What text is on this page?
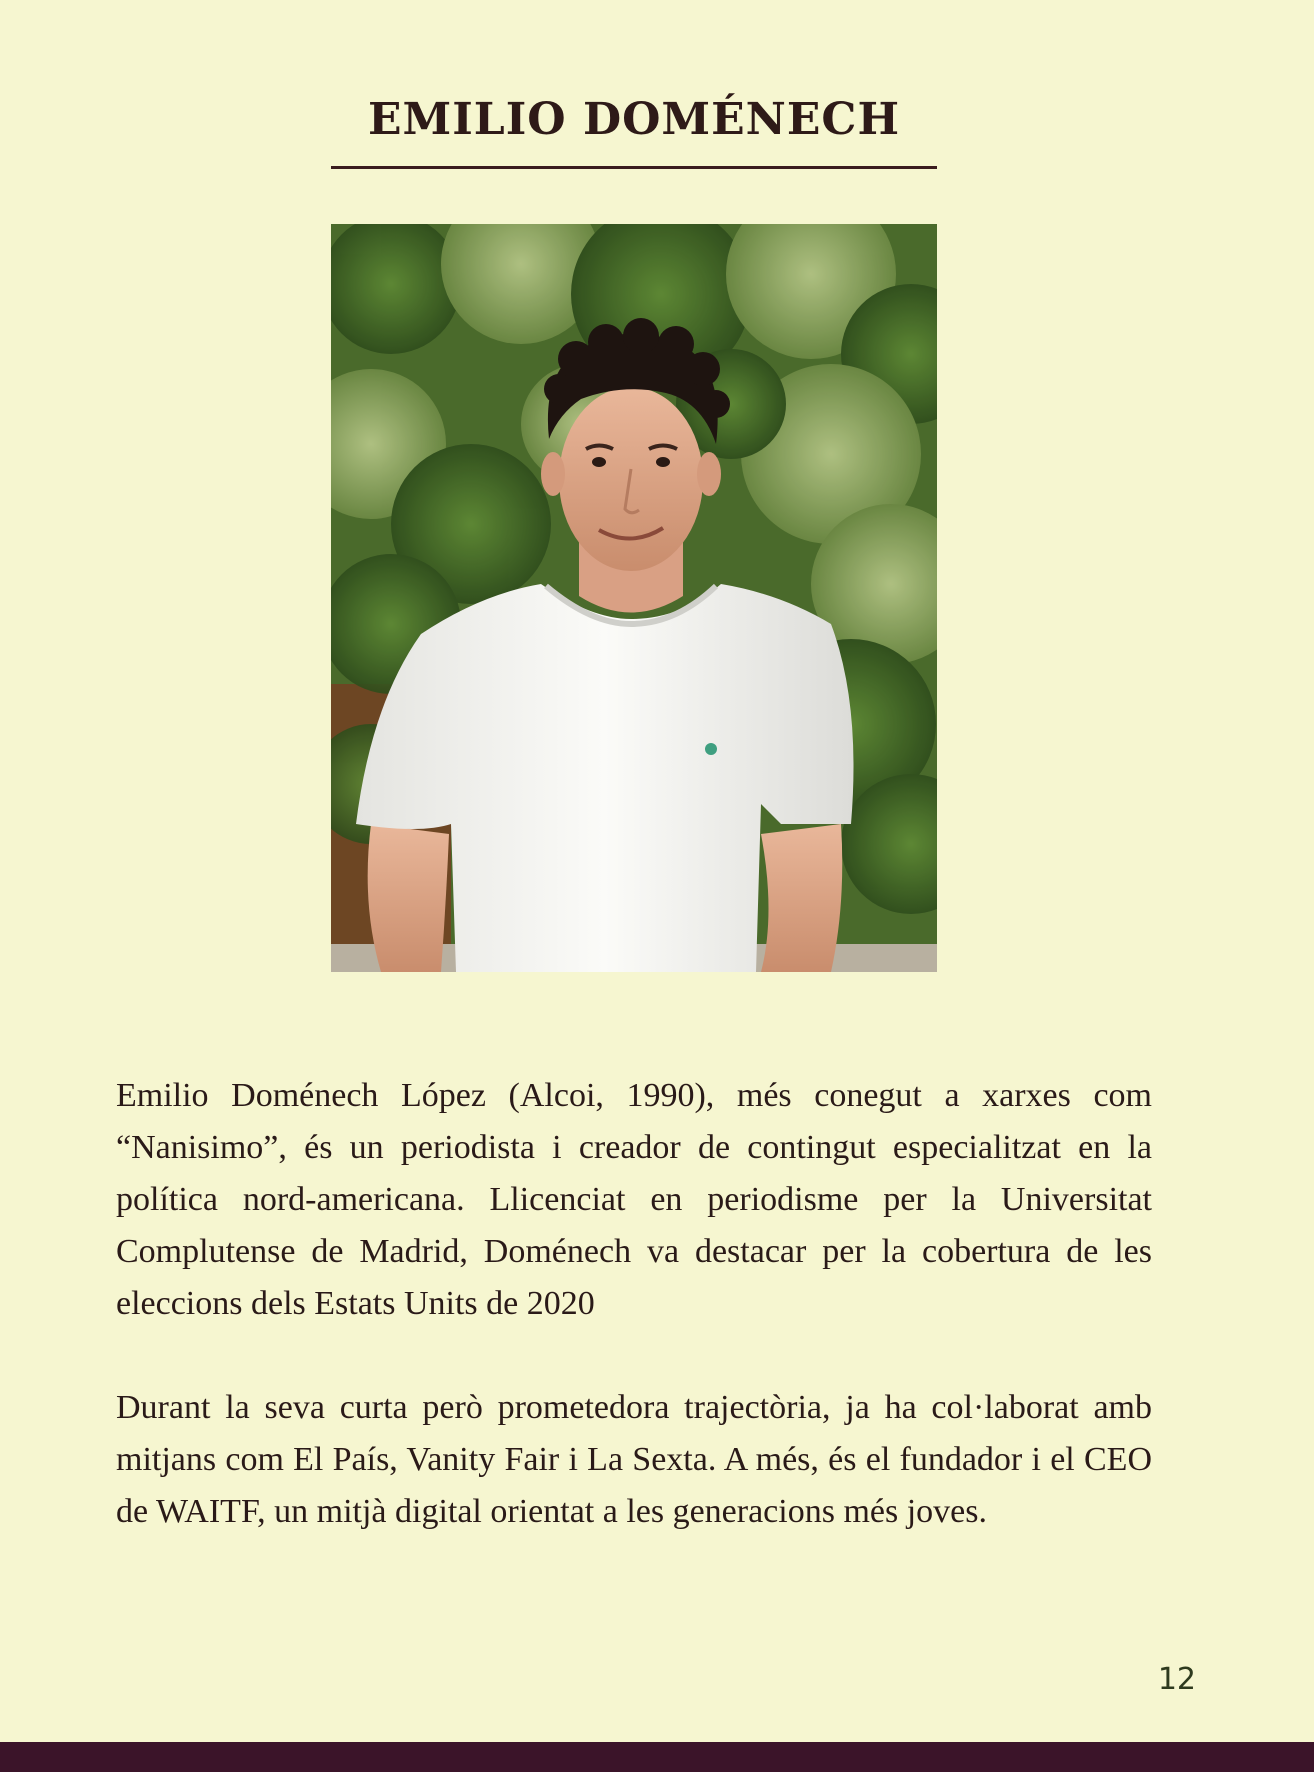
EMILIO DOMÉNECH

Emilio Doménech López (Alcoi, 1990), més conegut a xarxes com “Nanisimo”, és un periodista i creador de contingut especialitzat en la política nord-americana. Llicenciat en periodisme per la Universitat Complutense de Madrid, Doménech va destacar per la cobertura de les eleccions dels Estats Units de 2020

Durant la seva curta però prometedora trajectòria, ja ha col·laborat amb mitjans com El País, Vanity Fair i La Sexta. A més, és el fundador i el CEO de WAITF, un mitjà digital orientat a les generacions més joves.

12
